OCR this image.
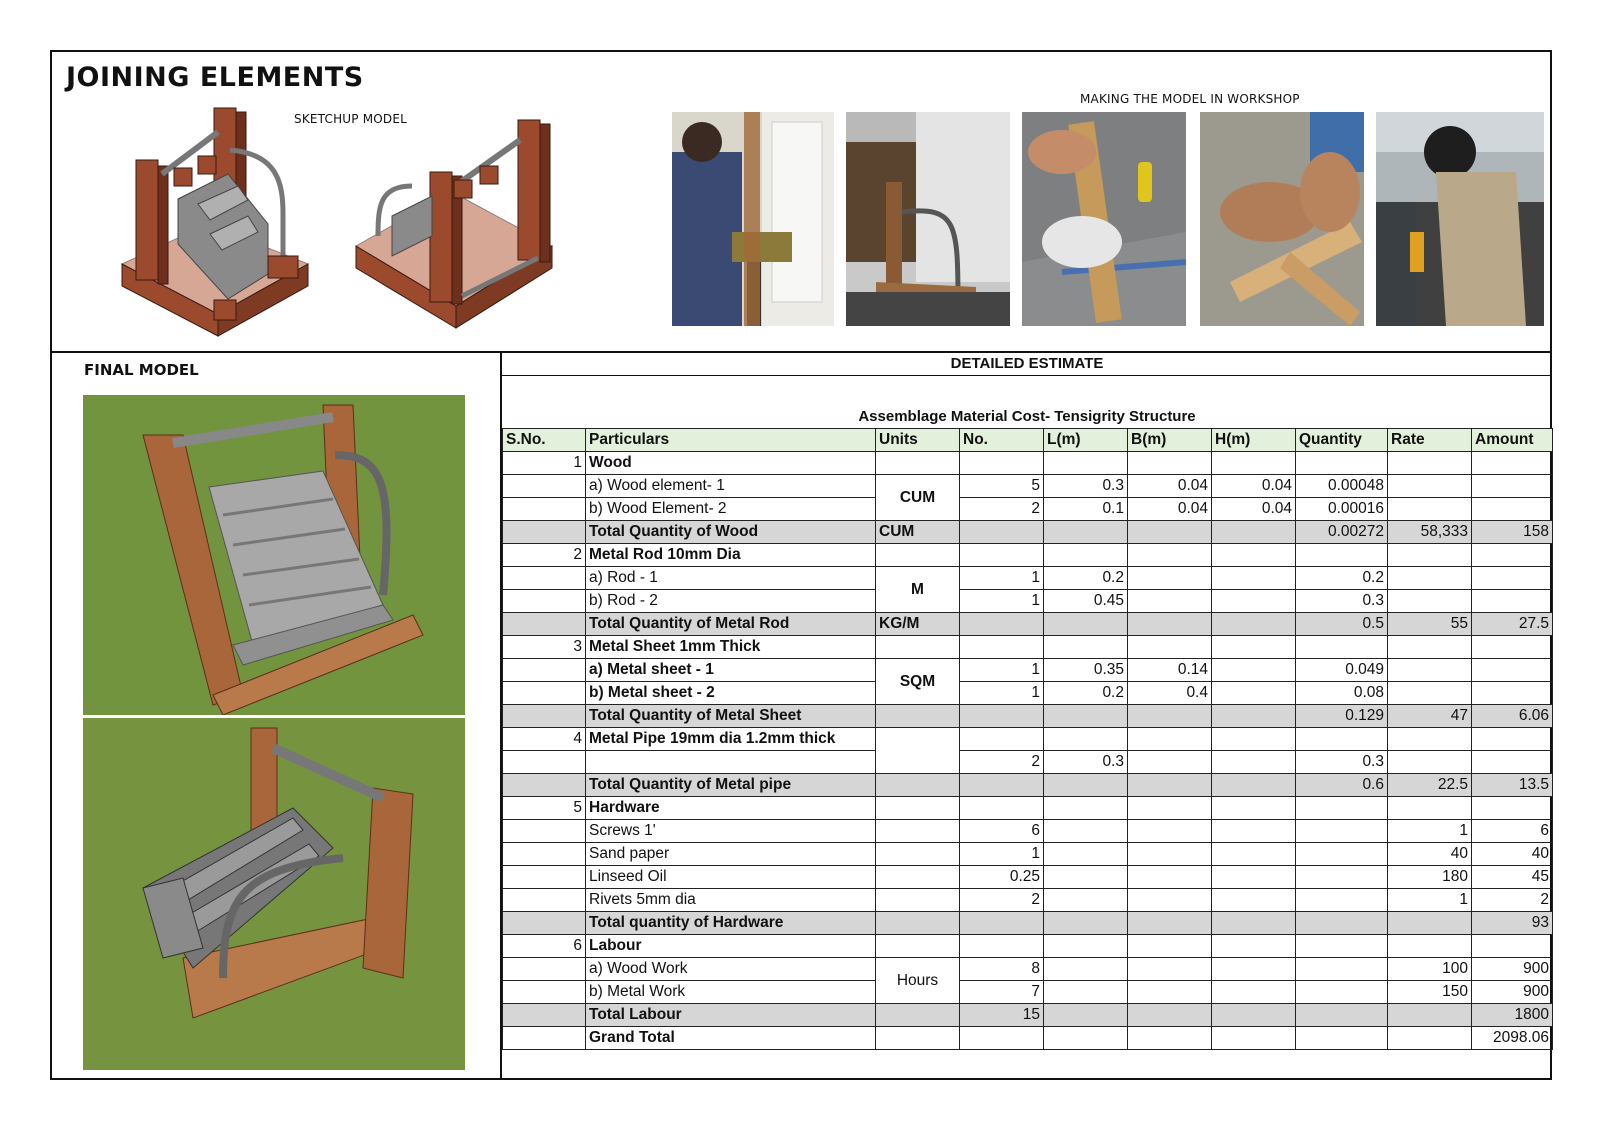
JOINING ELEMENTS
SKETCHUP MODEL
MAKING THE MODEL IN WORKSHOP
FINAL MODEL	DETAILED ESTIMATE
Assemblage Material Cost- Tensigrity Structure
S.No.	Particulars	Units	No.	L(m)	B(m)	H(m)	Quantity	Rate	Amount
1	Wood								
	a) Wood element- 1	CUM	5	0.3	0.04	0.04	0.00048		
	b) Wood Element- 2		2	0.1	0.04	0.04	0.00016		
	Total Quantity of Wood	CUM					0.00272	58,333	158
2	Metal Rod 10mm Dia								
	a) Rod - 1	M	1	0.2			0.2		
	b) Rod - 2		1	0.45			0.3		
	Total Quantity of Metal Rod	KG/M					0.5	55	27.5
3	Metal Sheet 1mm Thick								
	a) Metal sheet - 1	SQM	1	0.35	0.14		0.049		
	b) Metal sheet - 2		1	0.2	0.4		0.08		
	Total Quantity of Metal Sheet						0.129	47	6.06
4	Metal Pipe 19mm dia 1.2mm thick								
			2	0.3			0.3		
	Total Quantity of Metal pipe						0.6	22.5	13.5
5	Hardware								
	Screws 1'		6					1	6
	Sand paper		1					40	40
	Linseed Oil		0.25					180	45
	Rivets 5mm dia		2					1	2
	Total quantity of Hardware								93
6	Labour								
	a) Wood Work	Hours	8					100	900
	b) Metal Work		7					150	900
	Total Labour		15						1800
	Grand Total								2098.06
